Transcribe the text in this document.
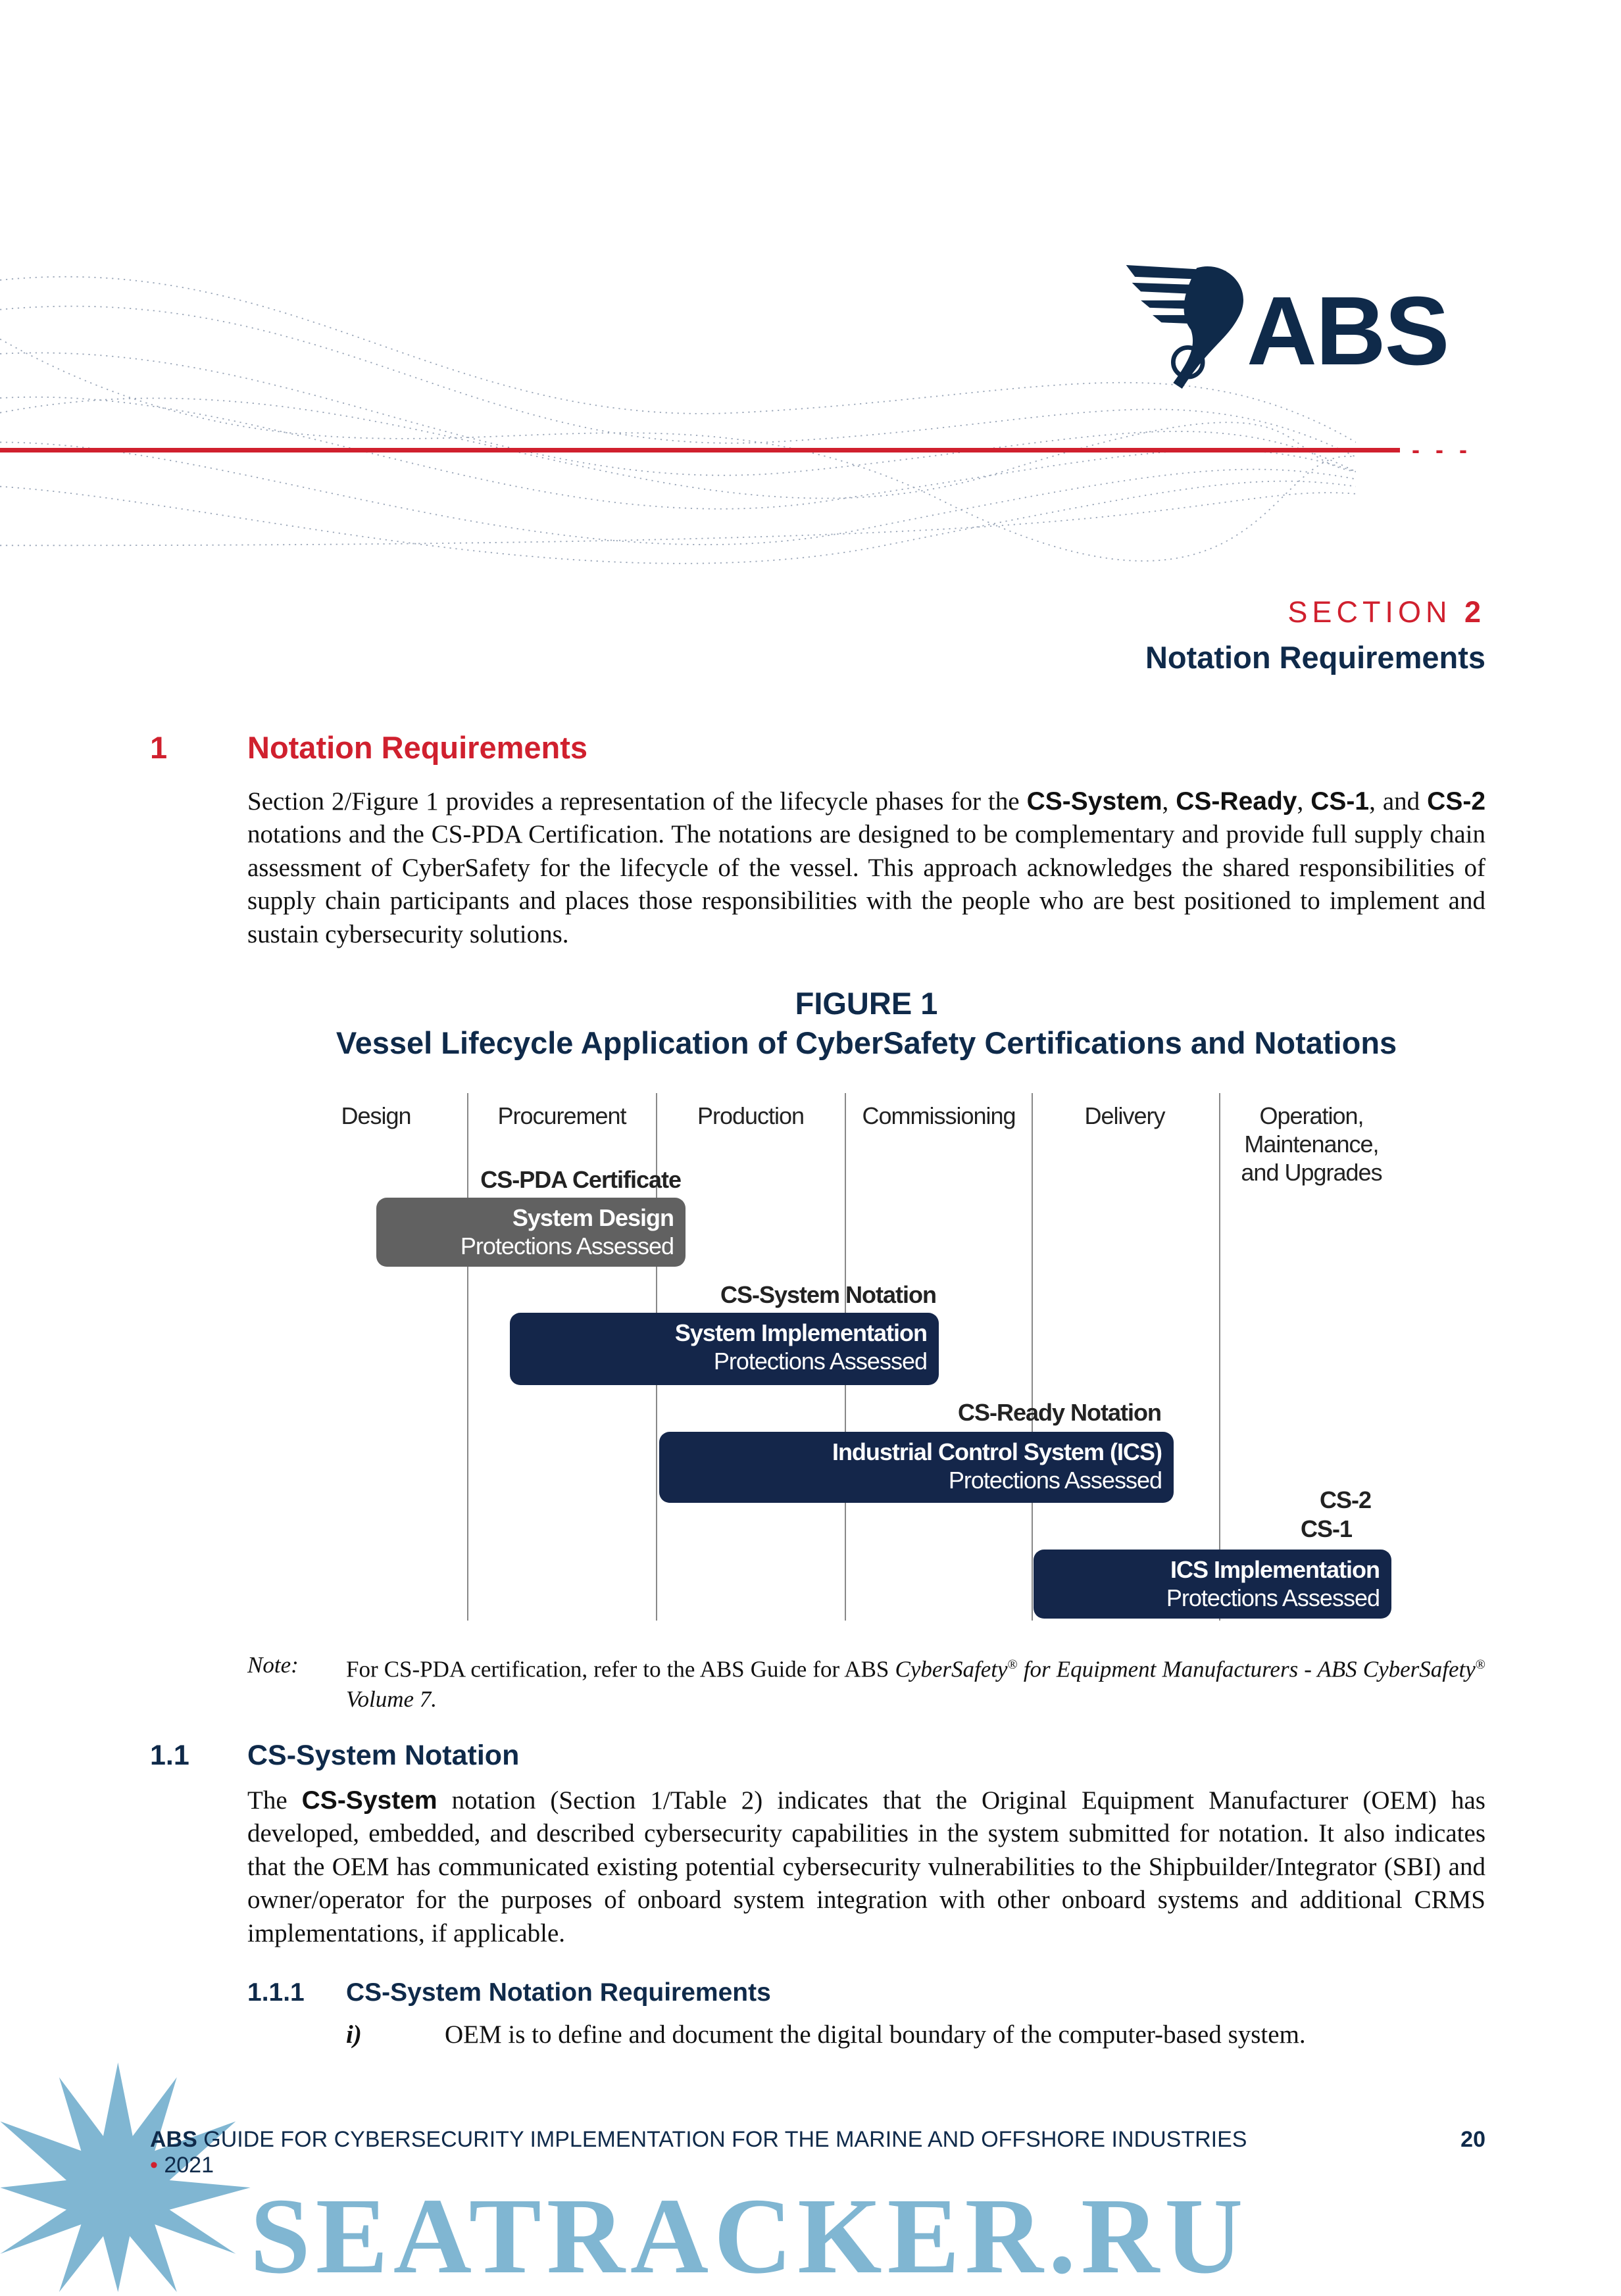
- - -
ABS
SECTION 2
Notation Requirements
1	Notation Requirements
Section 2/Figure 1 provides a representation of the lifecycle phases for the CS-System, CS-Ready, CS-1, and CS-2 notations and the CS-PDA Certification. The notations are designed to be complementary and provide full supply chain assessment of CyberSafety for the lifecycle of the vessel. This approach acknowledges the shared responsibilities of supply chain participants and places those responsibilities with the people who are best positioned to implement and sustain cybersecurity solutions.
FIGURE 1
Vessel Lifecycle Application of CyberSafety Certifications and Notations
Design	Procurement	Production	Commissioning	Delivery	Operation,
Maintenance,
and Upgrades
CS-PDA Certificate
System Design
Protections Assessed
CS-System Notation
System Implementation
Protections Assessed
CS-Ready Notation
Industrial Control System (ICS)
Protections Assessed
CS-2
CS-1
ICS Implementation
Protections Assessed
Note: For CS-PDA certification, refer to the ABS Guide for ABS CyberSafety® for Equipment Manufacturers - ABS CyberSafety® Volume 7.
1.1 CS-System Notation
The CS-System notation (Section 1/Table 2) indicates that the Original Equipment Manufacturer (OEM) has developed, embedded, and described cybersecurity capabilities in the system submitted for notation. It also indicates that the OEM has communicated existing potential cybersecurity vulnerabilities to the Shipbuilder/Integrator (SBI) and owner/operator for the purposes of onboard system integration with other onboard systems and additional CRMS implementations, if applicable.
1.1.1 CS-System Notation Requirements
i)	OEM is to define and document the digital boundary of the computer-based system.
ABS GUIDE FOR CYBERSECURITY IMPLEMENTATION FOR THE MARINE AND OFFSHORE INDUSTRIES	20
• 2021
SEATRACKER.RU
